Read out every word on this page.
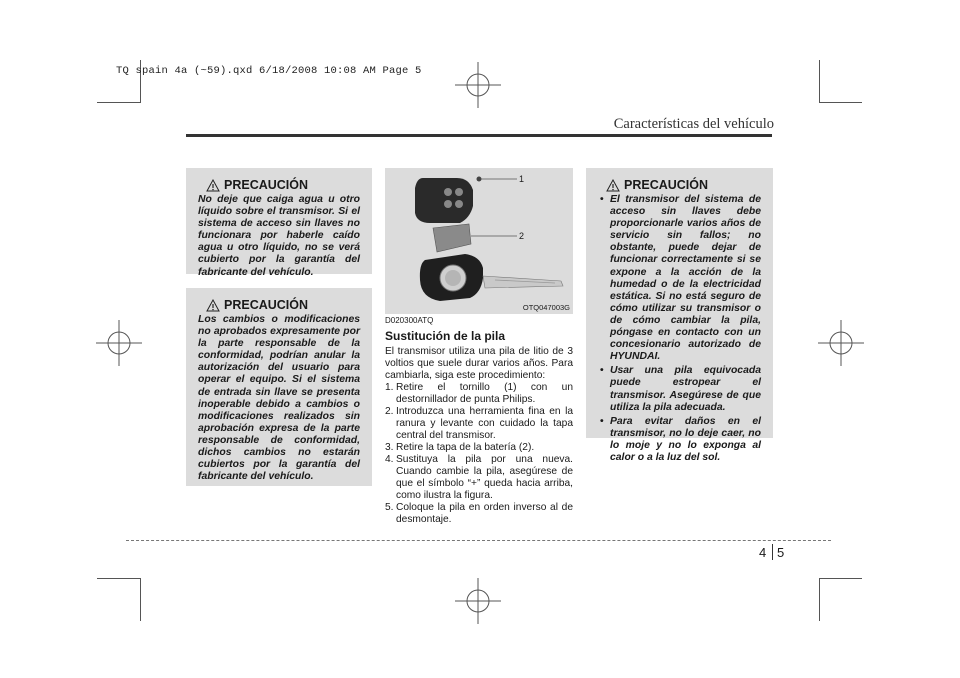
TQ spain 4a (~59).qxd 6/18/2008 10:08 AM Page 5
Características del vehículo
PRECAUCIÓN
No deje que caiga agua u otro líquido sobre el transmisor. Si el sistema de acceso sin llaves no funcionara por haberle caído agua u otro líquido, no se verá cubierto por la garantía del fabricante del vehículo.
PRECAUCIÓN
Los cambios o modificaciones no aprobados expresamente por la parte responsable de la conformidad, podrían anular la autorización del usuario para operar el equipo. Si el sistema de entrada sin llave se presenta inoperable debido a cambios o modificaciones realizados sin aprobación expresa de la parte responsable de conformidad, dichos cambios no estarán cubiertos por la garantía del fabricante del vehículo.
1
2
OTQ047003G
D020300ATQ
Sustitución de la pila
El transmisor utiliza una pila de litio de 3 voltios que suele durar varios años. Para cambiarla, siga este procedimiento:
1. Retire el tornillo (1) con un destornillador de punta Philips.
2. Introduzca una herramienta fina en la ranura y levante con cuidado la tapa central del transmisor.
3. Retire la tapa de la batería (2).
4. Sustituya la pila por una nueva. Cuando cambie la pila, asegúrese de que el símbolo “+” queda hacia arriba, como ilustra la figura.
5. Coloque la pila en orden inverso al de desmontaje.
PRECAUCIÓN
• El transmisor del sistema de acceso sin llaves debe proporcionarle varios años de servicio sin fallos; no obstante, puede dejar de funcionar correctamente si se expone a la acción de la humedad o de la electricidad estática. Si no está seguro de cómo utilizar su transmisor o de cómo cambiar la pila, póngase en contacto con un concesionario autorizado de HYUNDAI.
• Usar una pila equivocada puede estropear el transmisor. Asegúrese de que utiliza la pila adecuada.
• Para evitar daños en el transmisor, no lo deje caer, no lo moje y no lo exponga al calor o a la luz del sol.
4 5
